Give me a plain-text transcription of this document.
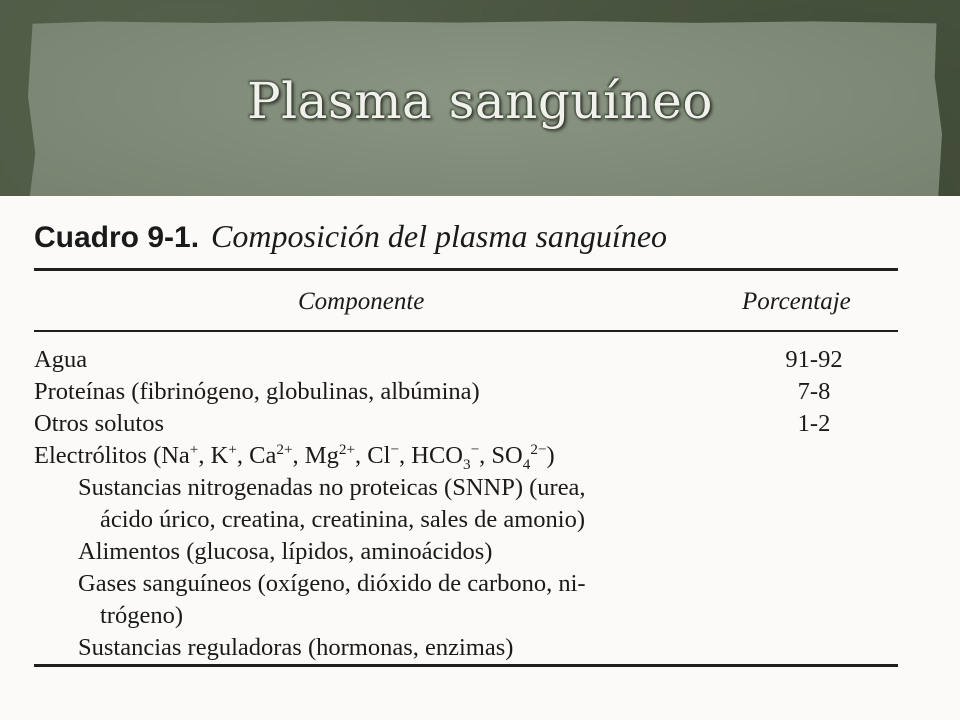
Plasma sanguíneo
Cuadro 9-1. Composición del plasma sanguíneo
Componente	Porcentaje
Agua	91-92
Proteínas (fibrinógeno, globulinas, albúmina)	7-8
Otros solutos	1-2
Electrólitos (Na+, K+, $Ca^{2+}$, $Mg^{2+}$, Cl−, $HCO_3^-$, $SO_4^{2-}$)
Sustancias nitrogenadas no proteicas (SNNP) (urea,
ácido úrico, creatina, creatinina, sales de amonio)
Alimentos (glucosa, lípidos, aminoácidos)
Gases sanguíneos (oxígeno, dióxido de carbono, ni-
trógeno)
Sustancias reguladoras (hormonas, enzimas)
